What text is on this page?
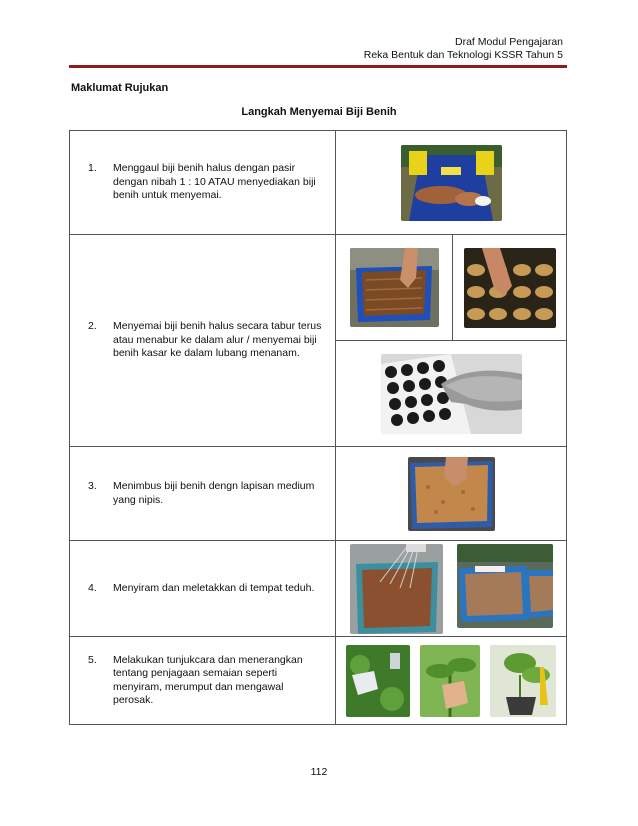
Draf Modul Pengajaran
Reka Bentuk dan Teknologi KSSR Tahun 5
Maklumat Rujukan
Langkah Menyemai Biji Benih
1. Menggaul biji benih halus dengan pasir dengan nibah 1 : 10 ATAU menyediakan biji benih untuk menyemai.

2. Menyemai biji benih halus secara tabur terus atau menabur ke dalam alur / menyemai biji benih kasar ke dalam lubang menanam.

3. Menimbus biji benih dengn lapisan medium yang nipis.

4. Menyiram dan meletakkan di tempat teduh.

5. Melakukan tunjukcara dan menerangkan tentang penjagaan semaian seperti menyiram, merumput dan mengawal perosak.

112
